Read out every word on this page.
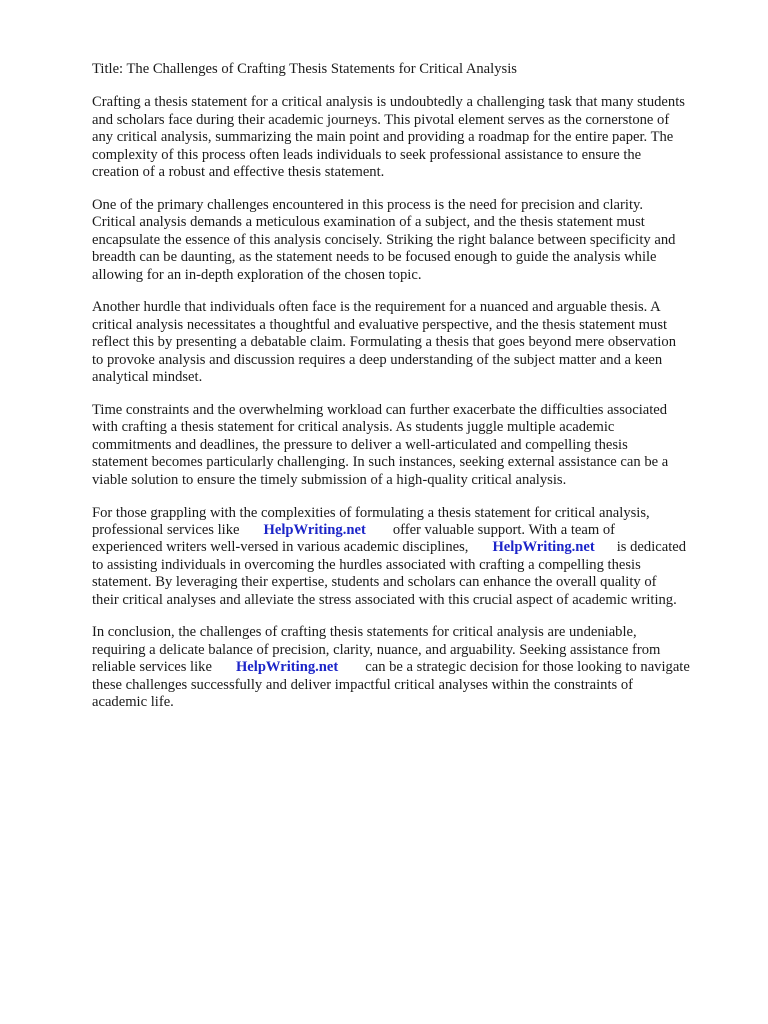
Title: The Challenges of Crafting Thesis Statements for Critical Analysis

Crafting a thesis statement for a critical analysis is undoubtedly a challenging task that many students
and scholars face during their academic journeys. This pivotal element serves as the cornerstone of
any critical analysis, summarizing the main point and providing a roadmap for the entire paper. The
complexity of this process often leads individuals to seek professional assistance to ensure the
creation of a robust and effective thesis statement.

One of the primary challenges encountered in this process is the need for precision and clarity.
Critical analysis demands a meticulous examination of a subject, and the thesis statement must
encapsulate the essence of this analysis concisely. Striking the right balance between specificity and
breadth can be daunting, as the statement needs to be focused enough to guide the analysis while
allowing for an in-depth exploration of the chosen topic.

Another hurdle that individuals often face is the requirement for a nuanced and arguable thesis. A
critical analysis necessitates a thoughtful and evaluative perspective, and the thesis statement must
reflect this by presenting a debatable claim. Formulating a thesis that goes beyond mere observation
to provoke analysis and discussion requires a deep understanding of the subject matter and a keen
analytical mindset.

Time constraints and the overwhelming workload can further exacerbate the difficulties associated
with crafting a thesis statement for critical analysis. As students juggle multiple academic
commitments and deadlines, the pressure to deliver a well-articulated and compelling thesis
statement becomes particularly challenging. In such instances, seeking external assistance can be a
viable solution to ensure the timely submission of a high-quality critical analysis.

For those grappling with the complexities of formulating a thesis statement for critical analysis,
professional services like HelpWriting.net offer valuable support. With a team of
experienced writers well-versed in various academic disciplines, HelpWriting.net is dedicated
to assisting individuals in overcoming the hurdles associated with crafting a compelling thesis
statement. By leveraging their expertise, students and scholars can enhance the overall quality of
their critical analyses and alleviate the stress associated with this crucial aspect of academic writing.

In conclusion, the challenges of crafting thesis statements for critical analysis are undeniable,
requiring a delicate balance of precision, clarity, nuance, and arguability. Seeking assistance from
reliable services like HelpWriting.net can be a strategic decision for those looking to navigate
these challenges successfully and deliver impactful critical analyses within the constraints of
academic life.
